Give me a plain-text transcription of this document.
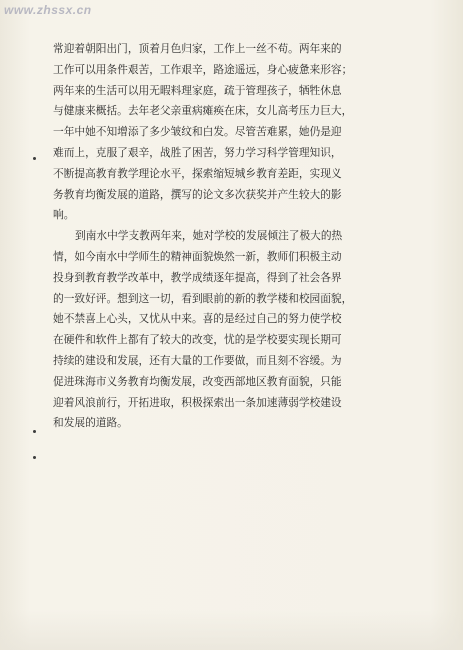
www.zhssx.cn
常迎着朝阳出门，顶着月色归家，工作上一丝不苟。两年来的
工作可以用条件艰苦，工作艰辛，路途遥远，身心疲惫来形容；
两年来的生活可以用无暇料理家庭，疏于管理孩子，牺牲休息
与健康来概括。去年老父亲重病瘫痪在床，女儿高考压力巨大，
一年中她不知增添了多少皱纹和白发。尽管苦难累，她仍是迎
难而上，克服了艰辛，战胜了困苦，努力学习科学管理知识，
不断提高教育教学理论水平，探索缩短城乡教育差距，实现义
务教育均衡发展的道路，撰写的论文多次获奖并产生较大的影
响。
到南水中学支教两年来，她对学校的发展倾注了极大的热
情，如今南水中学师生的精神面貌焕然一新，教师们积极主动
投身到教育教学改革中，教学成绩逐年提高，得到了社会各界
的一致好评。想到这一切，看到眼前的新的教学楼和校园面貌，
她不禁喜上心头，又忧从中来。喜的是经过自己的努力使学校
在硬件和软件上都有了较大的改变，忧的是学校要实现长期可
持续的建设和发展，还有大量的工作要做，而且刻不容缓。为
促进珠海市义务教育均衡发展，改变西部地区教育面貌，只能
迎着风浪前行，开拓进取，积极探索出一条加速薄弱学校建设
和发展的道路。
